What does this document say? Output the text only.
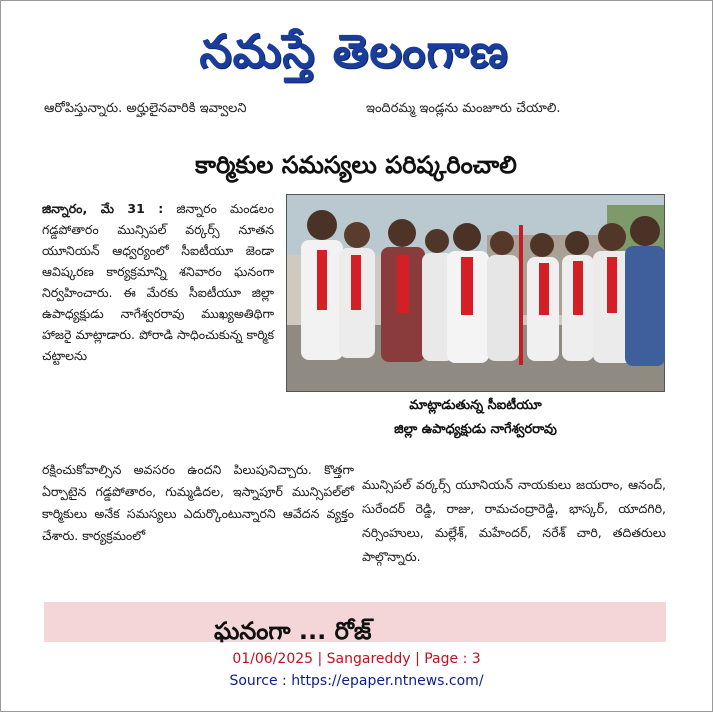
నమస్తే తెలంగాణ
ఆరోపిస్తున్నారు. అర్హులైనవారికి ఇవ్వాలని	ఇందిరమ్మ ఇండ్లను మంజూరు చేయాలి.
కార్మికుల సమస్యలు పరిష్కరించాలి

జిన్నారం, మే 31 : జిన్నారం మండలం గడ్డపోతారం మున్సిపల్ వర్కర్స్ నూతన యూనియన్ ఆధ్వర్యంలో సీఐటీయూ జెండా ఆవిష్కరణ కార్యక్రమాన్ని శనివారం ఘనంగా నిర్వహించారు. ఈ మేరకు సీఐటీయూ జిల్లా ఉపాధ్యక్షుడు నాగేశ్వరరావు ముఖ్యఅతిథిగా హాజరై మాట్లాడారు. పోరాడి సాధించుకున్న కార్మిక చట్టాలను

మాట్లాడుతున్న సీఐటీయూ
జిల్లా ఉపాధ్యక్షుడు నాగేశ్వరరావు

రక్షించుకోవాల్సిన అవసరం ఉందని పిలుపునిచ్చారు. కొత్తగా ఏర్పాటైన గడ్డపోతారం, గుమ్మడిదల, ఇస్నాపూర్ మున్సిపల్‌లో కార్మికులు అనేక సమస్యలు ఎదుర్కొంటున్నారని ఆవేదన వ్యక్తం చేశారు. కార్యక్రమంలో

మున్సిపల్ వర్కర్స్ యూనియన్ నాయకులు జయరాం, ఆనంద్, సురేందర్ రెడ్డి, రాజు, రామచంద్రారెడ్డి, భాస్కర్, యాదగిరి, నర్సింహులు, మల్లేశ్, మహేందర్, నరేశ్ చారి, తదితరులు పాల్గొన్నారు.

ఘనంగా ... రోజ్
01/06/2025 | Sangareddy | Page : 3
Source : https://epaper.ntnews.com/
